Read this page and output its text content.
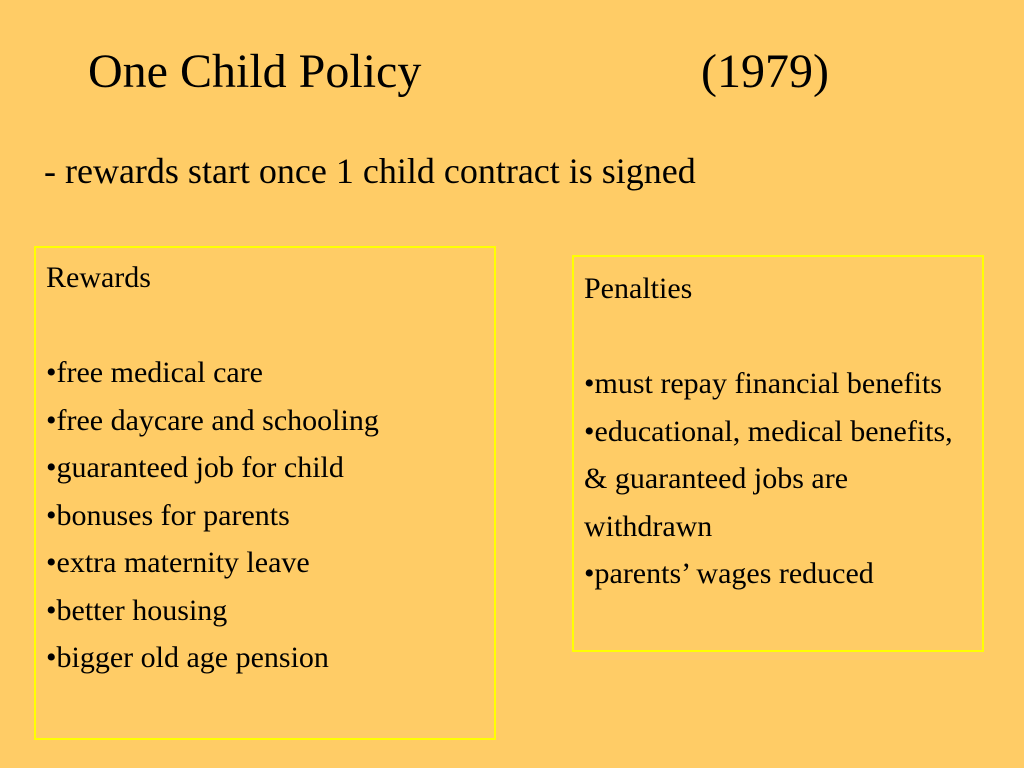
One Child Policy	(1979)
- rewards start once 1 child contract is signed
Rewards
•free medical care
•free daycare and schooling
•guaranteed job for child
•bonuses for parents
•extra maternity leave
•better housing
•bigger old age pension
Penalties
•must repay financial benefits
•educational, medical benefits, & guaranteed jobs are withdrawn
•parents’ wages reduced
